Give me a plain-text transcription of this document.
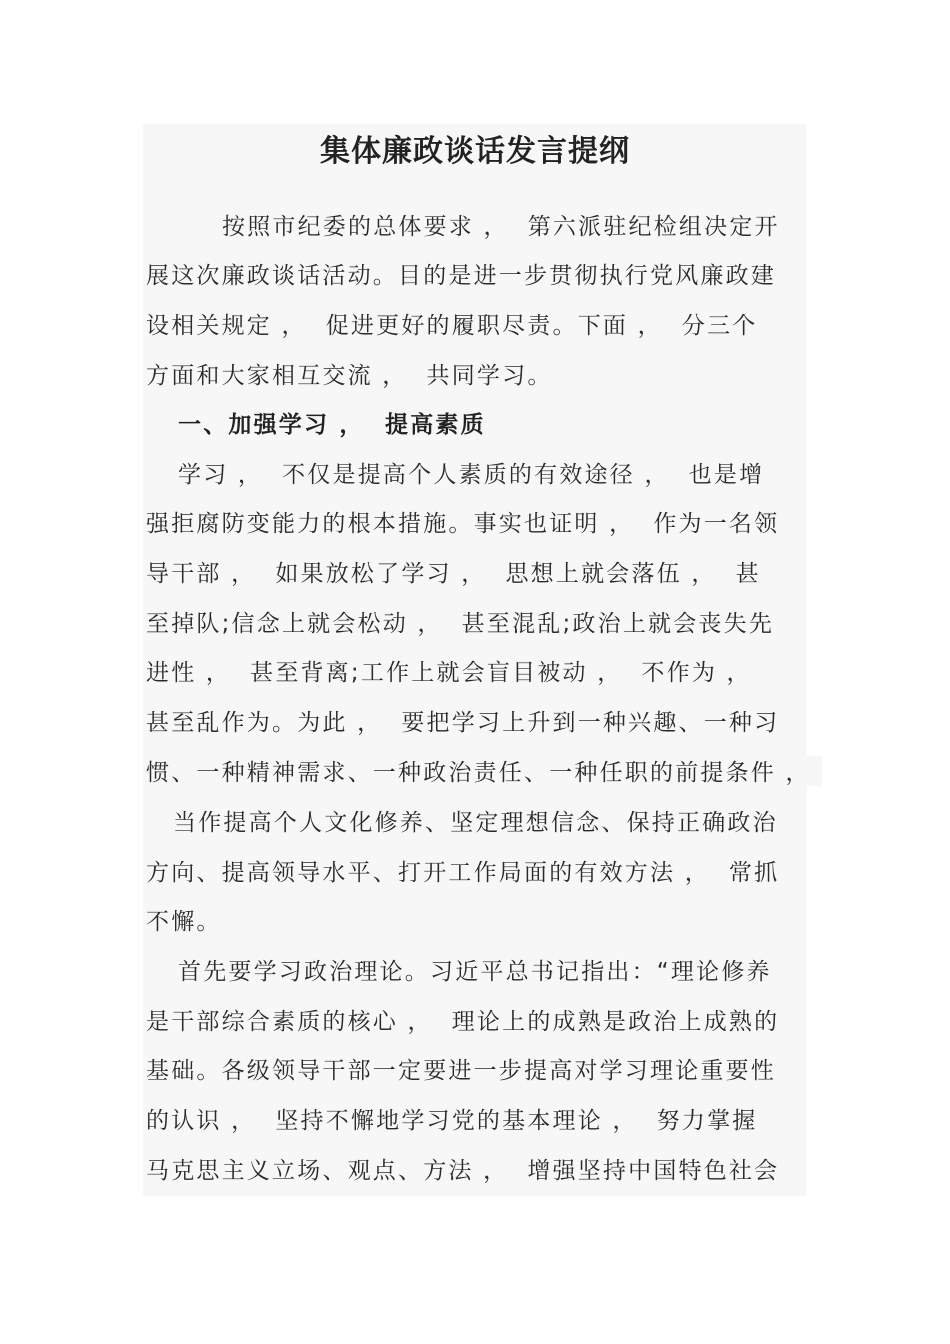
集体廉政谈话发言提纲
按照市纪委的总体要求 ，  第六派驻纪检组决定开
展这次廉政谈话活动。目的是进一步贯彻执行党风廉政建
设相关规定 ，  促进更好的履职尽责。下面 ，  分三个
方面和大家相互交流 ，  共同学习。
一、加强学习 ，  提高素质
学习 ，  不仅是提高个人素质的有效途径 ，  也是增
强拒腐防变能力的根本措施。事实也证明 ，  作为一名领
导干部 ，  如果放松了学习 ，  思想上就会落伍 ，  甚
至掉队;信念上就会松动 ，  甚至混乱;政治上就会丧失先
进性 ，  甚至背离;工作上就会盲目被动 ，  不作为 ，
甚至乱作为。为此 ，  要把学习上升到一种兴趣、一种习
惯、一种精神需求、一种政治责任、一种任职的前提条件 ，
当作提高个人文化修养、坚定理想信念、保持正确政治
方向、提高领导水平、打开工作局面的有效方法 ，  常抓
不懈。
首先要学习政治理论。习近平总书记指出：“理论修养
是干部综合素质的核心 ，  理论上的成熟是政治上成熟的
基础。各级领导干部一定要进一步提高对学习理论重要性
的认识 ，  坚持不懈地学习党的基本理论 ，  努力掌握
马克思主义立场、观点、方法 ，  增强坚持中国特色社会
